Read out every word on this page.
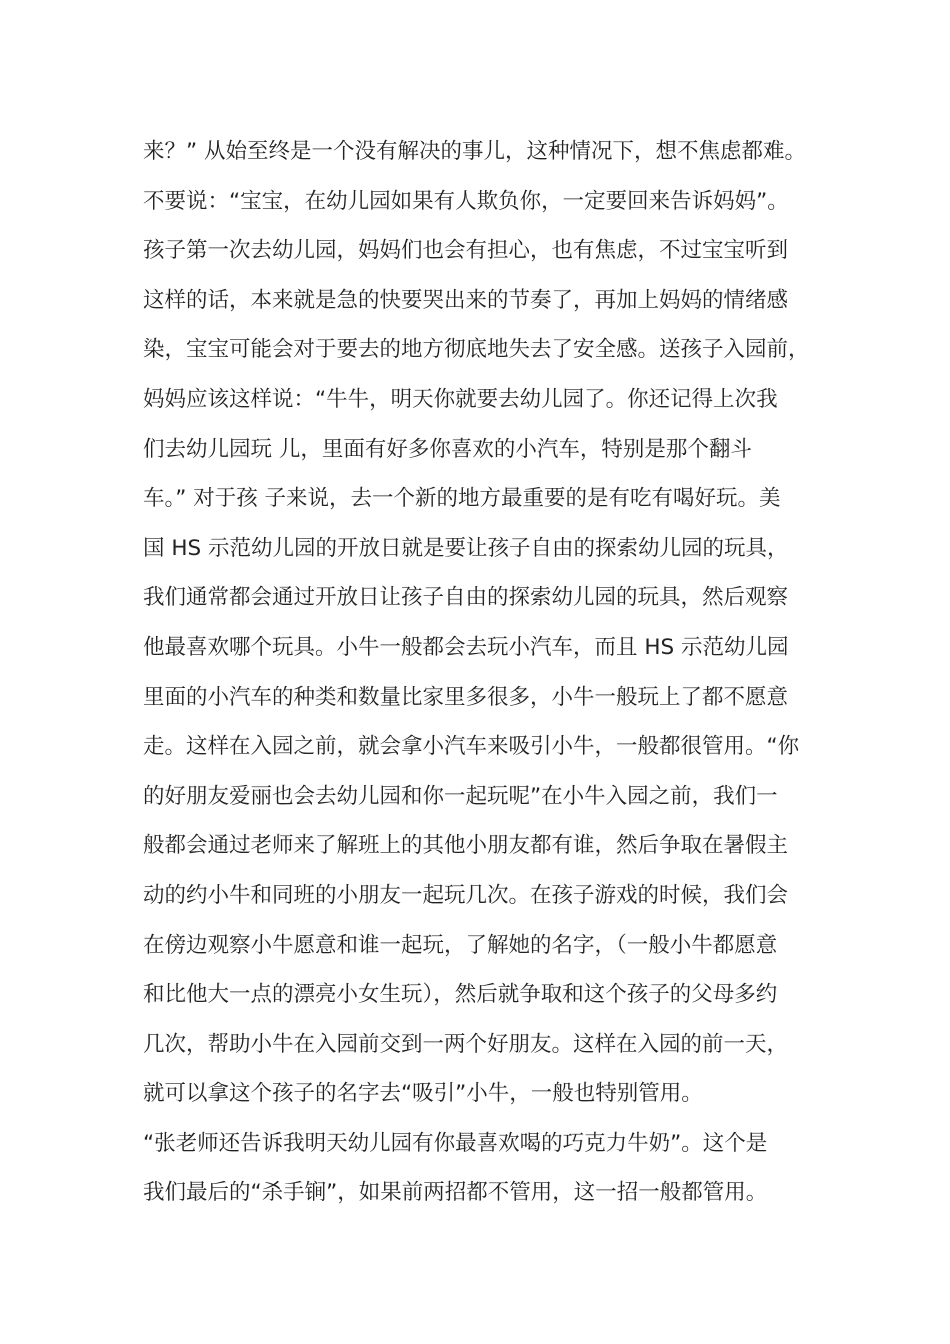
来？” 从始至终是一个没有解决的事儿，这种情况下，想不焦虑都难。
不要说：“宝宝，在幼儿园如果有人欺负你，一定要回来告诉妈妈”。
孩子第一次去幼儿园，妈妈们也会有担心，也有焦虑，不过宝宝听到
这样的话，本来就是急的快要哭出来的节奏了，再加上妈妈的情绪感
染，宝宝可能会对于要去的地方彻底地失去了安全感。送孩子入园前，
妈妈应该这样说：“牛牛，明天你就要去幼儿园了。你还记得上次我
们去幼儿园玩 儿，里面有好多你喜欢的小汽车，特别是那个翻斗
车。” 对于孩 子来说，去一个新的地方最重要的是有吃有喝好玩。美
国 HS 示范幼儿园的开放日就是要让孩子自由的探索幼儿园的玩具，
我们通常都会通过开放日让孩子自由的探索幼儿园的玩具，然后观察
他最喜欢哪个玩具。小牛一般都会去玩小汽车，而且 HS 示范幼儿园
里面的小汽车的种类和数量比家里多很多，小牛一般玩上了都不愿意
走。这样在入园之前，就会拿小汽车来吸引小牛，一般都很管用。“你
的好朋友爱丽也会去幼儿园和你一起玩呢”在小牛入园之前，我们一
般都会通过老师来了解班上的其他小朋友都有谁，然后争取在暑假主
动的约小牛和同班的小朋友一起玩几次。在孩子游戏的时候，我们会
在傍边观察小牛愿意和谁一起玩，了解她的名字，（一般小牛都愿意
和比他大一点的漂亮小女生玩），然后就争取和这个孩子的父母多约
几次，帮助小牛在入园前交到一两个好朋友。这样在入园的前一天，
就可以拿这个孩子的名字去“吸引”小牛，一般也特别管用。
“张老师还告诉我明天幼儿园有你最喜欢喝的巧克力牛奶”。这个是
我们最后的“杀手锏”，如果前两招都不管用，这一招一般都管用。
